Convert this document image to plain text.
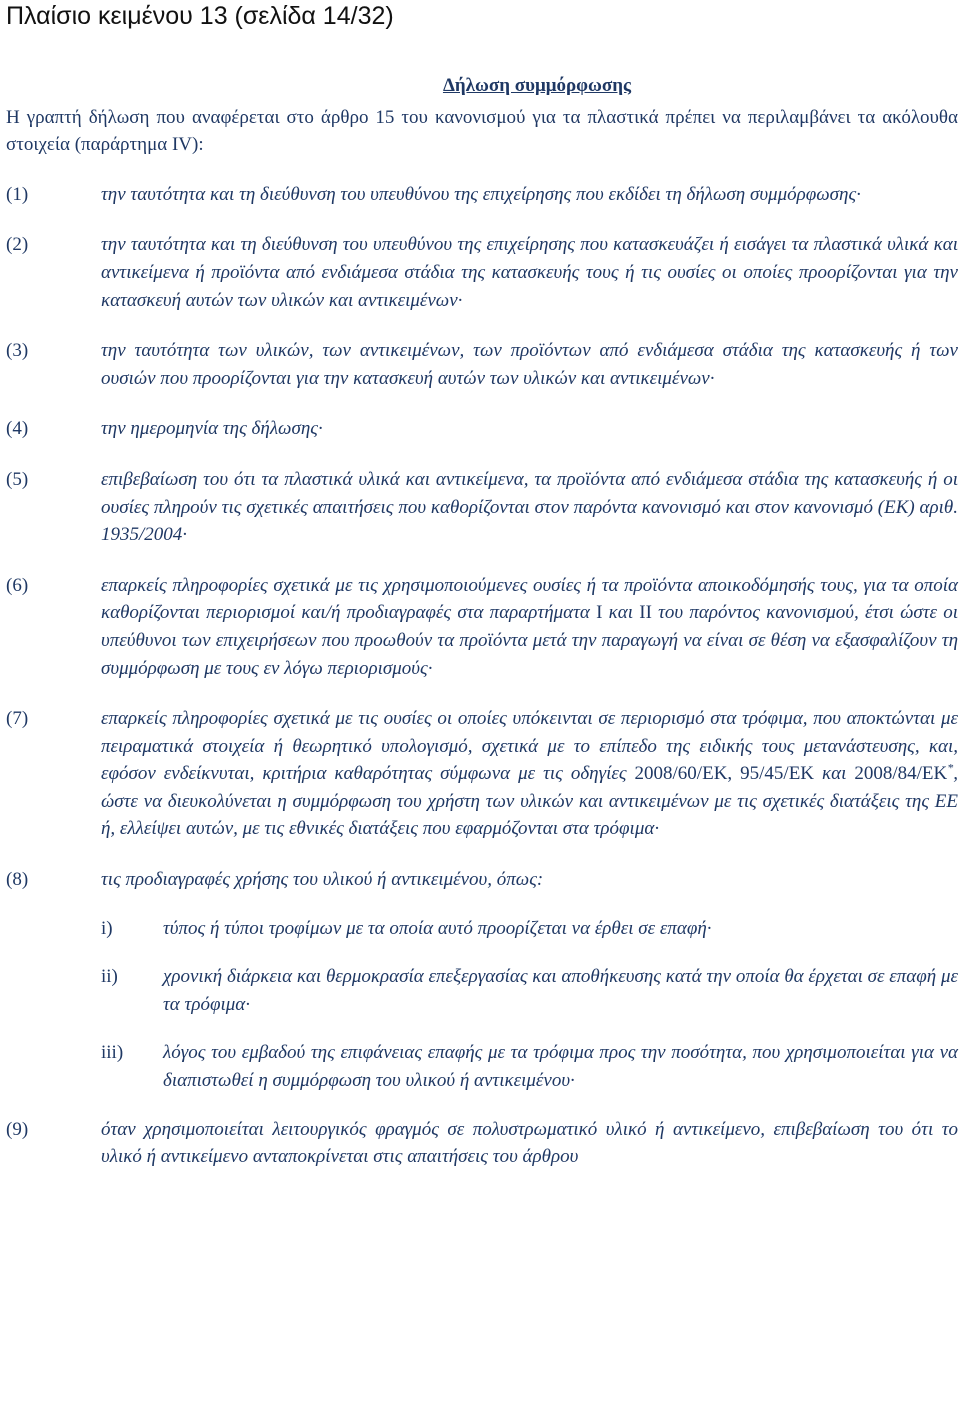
Πλαίσιο κειμένου 13 (σελίδα 14/32)
Δήλωση συμμόρφωσης
Η γραπτή δήλωση που αναφέρεται στο άρθρο 15 του κανονισμού για τα πλαστικά πρέπει να περιλαμβάνει τα ακόλουθα στοιχεία (παράρτημα IV):
(1)	την ταυτότητα και τη διεύθυνση του υπευθύνου της επιχείρησης που εκδίδει τη δήλωση συμμόρφωσης·
(2)	την ταυτότητα και τη διεύθυνση του υπευθύνου της επιχείρησης που κατασκευάζει ή εισάγει τα πλαστικά υλικά και αντικείμενα ή προϊόντα από ενδιάμεσα στάδια της κατασκευής τους ή τις ουσίες οι οποίες προορίζονται για την κατασκευή αυτών των υλικών και αντικειμένων·
(3)	την ταυτότητα των υλικών, των αντικειμένων, των προϊόντων από ενδιάμεσα στάδια της κατασκευής ή των ουσιών που προορίζονται για την κατασκευή αυτών των υλικών και αντικειμένων·
(4)	την ημερομηνία της δήλωσης·
(5)	επιβεβαίωση του ότι τα πλαστικά υλικά και αντικείμενα, τα προϊόντα από ενδιάμεσα στάδια της κατασκευής ή οι ουσίες πληρούν τις σχετικές απαιτήσεις που καθορίζονται στον παρόντα κανονισμό και στον κανονισμό (ΕΚ) αριθ. 1935/2004·
(6)	επαρκείς πληροφορίες σχετικά με τις χρησιμοποιούμενες ουσίες ή τα προϊόντα αποικοδόμησής τους, για τα οποία καθορίζονται περιορισμοί και/ή προδιαγραφές στα παραρτήματα I και II του παρόντος κανονισμού, έτσι ώστε οι υπεύθυνοι των επιχειρήσεων που προωθούν τα προϊόντα μετά την παραγωγή να είναι σε θέση να εξασφαλίζουν τη συμμόρφωση με τους εν λόγω περιορισμούς·
(7)	επαρκείς πληροφορίες σχετικά με τις ουσίες οι οποίες υπόκεινται σε περιορισμό στα τρόφιμα, που αποκτώνται με πειραματικά στοιχεία ή θεωρητικό υπολογισμό, σχετικά με το επίπεδο της ειδικής τους μετανάστευσης, και, εφόσον ενδείκνυται, κριτήρια καθαρότητας σύμφωνα με τις οδηγίες 2008/60/ΕΚ, 95/45/ΕΚ και 2008/84/ΕΚ*, ώστε να διευκολύνεται η συμμόρφωση του χρήστη των υλικών και αντικειμένων με τις σχετικές διατάξεις της ΕΕ ή, ελλείψει αυτών, με τις εθνικές διατάξεις που εφαρμόζονται στα τρόφιμα·
(8)	τις προδιαγραφές χρήσης του υλικού ή αντικειμένου, όπως:
i)	τύπος ή τύποι τροφίμων με τα οποία αυτό προορίζεται να έρθει σε επαφή·
ii) χρονική διάρκεια και θερμοκρασία επεξεργασίας και αποθήκευσης κατά την οποία θα έρχεται σε επαφή με τα τρόφιμα·
iii) λόγος του εμβαδού της επιφάνειας επαφής με τα τρόφιμα προς την ποσότητα, που χρησιμοποιείται για να διαπιστωθεί η συμμόρφωση του υλικού ή αντικειμένου·
(9)	όταν χρησιμοποιείται λειτουργικός φραγμός σε πολυστρωματικό υλικό ή αντικείμενο, επιβεβαίωση του ότι το υλικό ή αντικείμενο ανταποκρίνεται στις απαιτήσεις του άρθρου
